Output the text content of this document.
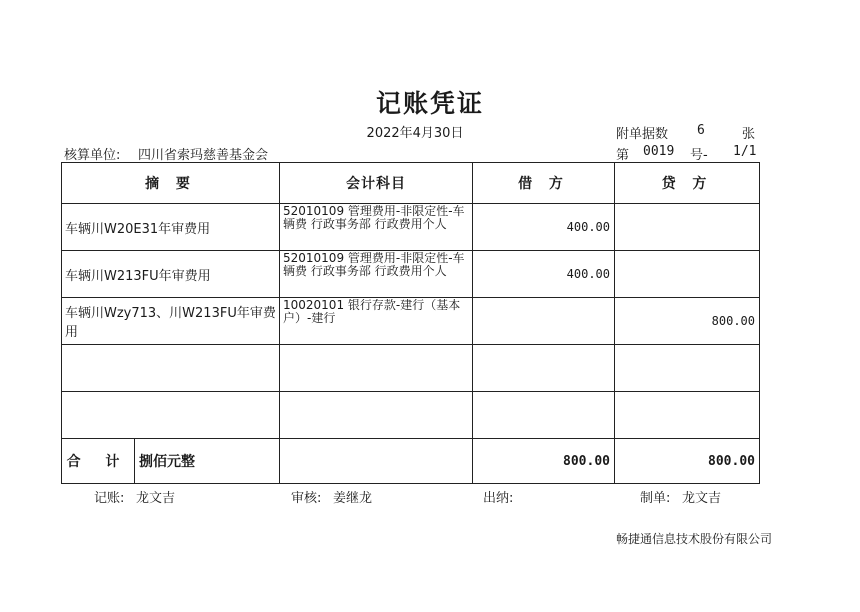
记账凭证
2022年4月30日	附单据数 6	张
核算单位: 四川省索玛慈善基金会	第 0019 号- 1/1
摘 要	会计科目	借 方	贷 方
车辆川W20E31年审费用	52010109 管理费用-非限定性-车辆费 行政事务部 行政费用个人	400.00	
车辆川W213FU年审费用	52010109 管理费用-非限定性-车辆费 行政事务部 行政费用个人	400.00	
车辆川Wzy713、川W213FU年审费用	10020101 银行存款-建行（基本户）-建行		800.00

合 计 捌佰元整		800.00	800.00
记账: 龙文吉	审核: 姜继龙	出纳:	制单: 龙文吉
畅捷通信息技术股份有限公司
